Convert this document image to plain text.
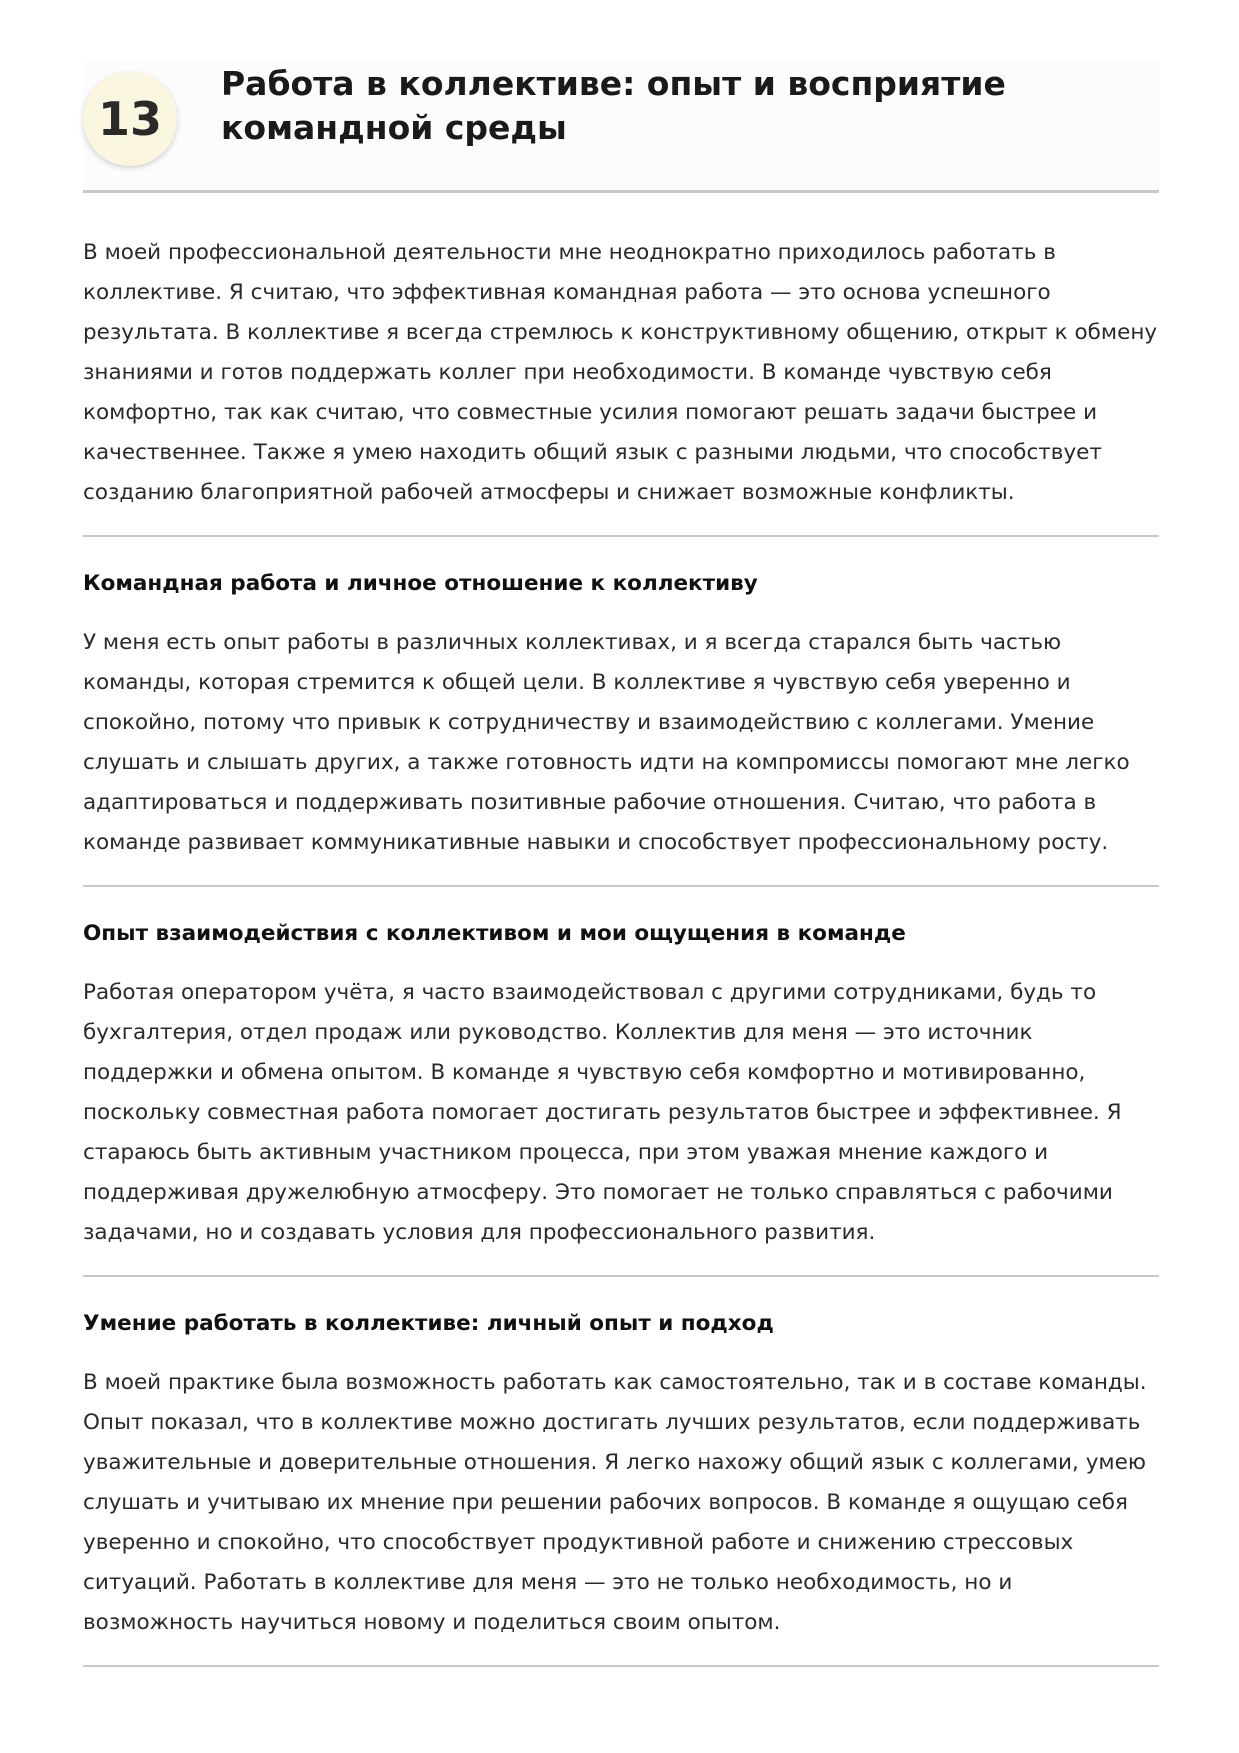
13
Работа в коллективе: опыт и восприятие командной среды

В моей профессиональной деятельности мне неоднократно приходилось работать в коллективе. Я считаю, что эффективная командная работа — это основа успешного результата. В коллективе я всегда стремлюсь к конструктивному общению, открыт к обмену знаниями и готов поддержать коллег при необходимости. В команде чувствую себя комфортно, так как считаю, что совместные усилия помогают решать задачи быстрее и качественнее. Также я умею находить общий язык с разными людьми, что способствует созданию благоприятной рабочей атмосферы и снижает возможные конфликты.

Командная работа и личное отношение к коллективу

У меня есть опыт работы в различных коллективах, и я всегда старался быть частью команды, которая стремится к общей цели. В коллективе я чувствую себя уверенно и спокойно, потому что привык к сотрудничеству и взаимодействию с коллегами. Умение слушать и слышать других, а также готовность идти на компромиссы помогают мне легко адаптироваться и поддерживать позитивные рабочие отношения. Считаю, что работа в команде развивает коммуникативные навыки и способствует профессиональному росту.

Опыт взаимодействия с коллективом и мои ощущения в команде

Работая оператором учёта, я часто взаимодействовал с другими сотрудниками, будь то бухгалтерия, отдел продаж или руководство. Коллектив для меня — это источник поддержки и обмена опытом. В команде я чувствую себя комфортно и мотивированно, поскольку совместная работа помогает достигать результатов быстрее и эффективнее. Я стараюсь быть активным участником процесса, при этом уважая мнение каждого и поддерживая дружелюбную атмосферу. Это помогает не только справляться с рабочими задачами, но и создавать условия для профессионального развития.

Умение работать в коллективе: личный опыт и подход

В моей практике была возможность работать как самостоятельно, так и в составе команды. Опыт показал, что в коллективе можно достигать лучших результатов, если поддерживать уважительные и доверительные отношения. Я легко нахожу общий язык с коллегами, умею слушать и учитываю их мнение при решении рабочих вопросов. В команде я ощущаю себя уверенно и спокойно, что способствует продуктивной работе и снижению стрессовых ситуаций. Работать в коллективе для меня — это не только необходимость, но и возможность научиться новому и поделиться своим опытом.
